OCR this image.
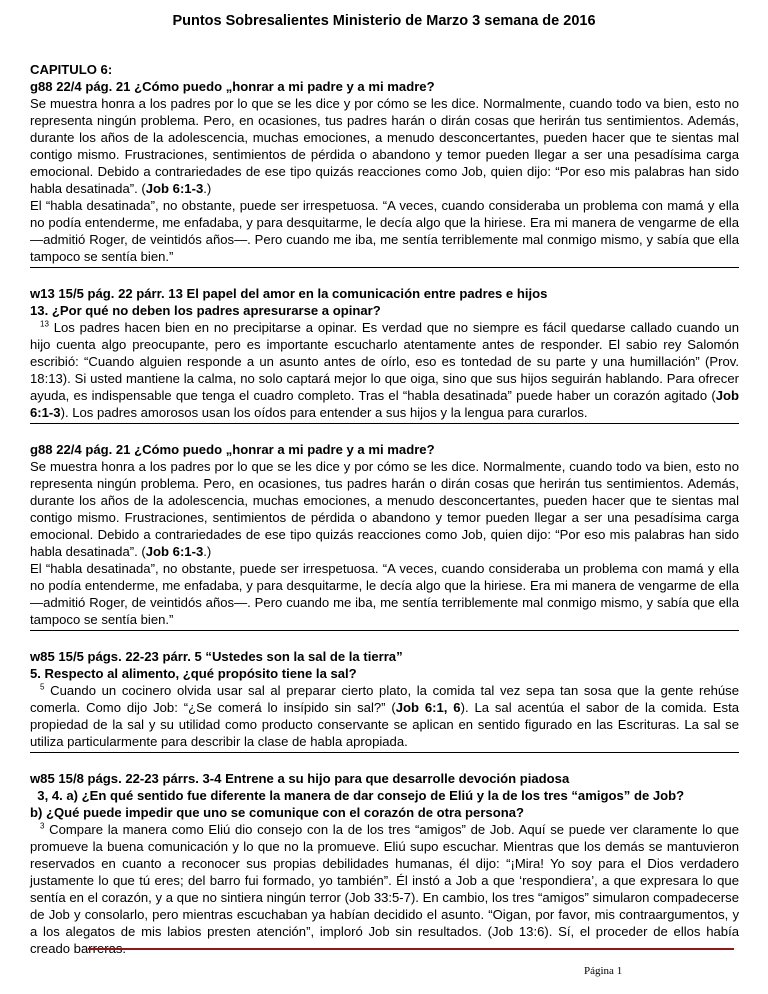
Puntos Sobresalientes Ministerio de Marzo 3 semana de 2016
CAPITULO 6:
g88 22/4 pág. 21 ¿Cómo puedo „honrar a mi padre y a mi madre?

Se muestra honra a los padres por lo que se les dice y por cómo se les dice. Normalmente, cuando todo va bien, esto no representa ningún problema. Pero, en ocasiones, tus padres harán o dirán cosas que herirán tus sentimientos. Además, durante los años de la adolescencia, muchas emociones, a menudo desconcertantes, pueden hacer que te sientas mal contigo mismo. Frustraciones, sentimientos de pérdida o abandono y temor pueden llegar a ser una pesadísima carga emocional. Debido a contrariedades de ese tipo quizás reacciones como Job, quien dijo: “Por eso mis palabras han sido habla desatinada”. (Job 6:1-3.)

El “habla desatinada”, no obstante, puede ser irrespetuosa. “A veces, cuando consideraba un problema con mamá y ella no podía entenderme, me enfadaba, y para desquitarme, le decía algo que la hiriese. Era mi manera de vengarme de ella —admitió Roger, de veintidós años—. Pero cuando me iba, me sentía terriblemente mal conmigo mismo, y sabía que ella tampoco se sentía bien.”

w13 15/5 pág. 22 párr. 13 El papel del amor en la comunicación entre padres e hijos
13. ¿Por qué no deben los padres apresurarse a opinar?

$^{13}$ Los padres hacen bien en no precipitarse a opinar. Es verdad que no siempre es fácil quedarse callado cuando un hijo cuenta algo preocupante, pero es importante escucharlo atentamente antes de responder. El sabio rey Salomón escribió: “Cuando alguien responde a un asunto antes de oírlo, eso es tontedad de su parte y una humillación” (Prov. 18:13). Si usted mantiene la calma, no solo captará mejor lo que oiga, sino que sus hijos seguirán hablando. Para ofrecer ayuda, es indispensable que tenga el cuadro completo. Tras el “habla desatinada” puede haber un corazón agitado (Job 6:1-3). Los padres amorosos usan los oídos para entender a sus hijos y la lengua para curarlos.

g88 22/4 pág. 21 ¿Cómo puedo „honrar a mi padre y a mi madre?

Se muestra honra a los padres por lo que se les dice y por cómo se les dice. Normalmente, cuando todo va bien, esto no representa ningún problema. Pero, en ocasiones, tus padres harán o dirán cosas que herirán tus sentimientos. Además, durante los años de la adolescencia, muchas emociones, a menudo desconcertantes, pueden hacer que te sientas mal contigo mismo. Frustraciones, sentimientos de pérdida o abandono y temor pueden llegar a ser una pesadísima carga emocional. Debido a contrariedades de ese tipo quizás reacciones como Job, quien dijo: “Por eso mis palabras han sido habla desatinada”. (Job 6:1-3.)

El “habla desatinada”, no obstante, puede ser irrespetuosa. “A veces, cuando consideraba un problema con mamá y ella no podía entenderme, me enfadaba, y para desquitarme, le decía algo que la hiriese. Era mi manera de vengarme de ella —admitió Roger, de veintidós años—. Pero cuando me iba, me sentía terriblemente mal conmigo mismo, y sabía que ella tampoco se sentía bien.”

w85 15/5 págs. 22-23 párr. 5 “Ustedes son la sal de la tierra”
5. Respecto al alimento, ¿qué propósito tiene la sal?

$^5$ Cuando un cocinero olvida usar sal al preparar cierto plato, la comida tal vez sepa tan sosa que la gente rehúse comerla. Como dijo Job: “¿Se comerá lo insípido sin sal?” (Job 6:1, 6). La sal acentúa el sabor de la comida. Esta propiedad de la sal y su utilidad como producto conservante se aplican en sentido figurado en las Escrituras. La sal se utiliza particularmente para describir la clase de habla apropiada.

w85 15/8 págs. 22-23 párrs. 3-4 Entrene a su hijo para que desarrolle devoción piadosa
3, 4. a) ¿En qué sentido fue diferente la manera de dar consejo de Eliú y la de los tres “amigos” de Job?
b) ¿Qué puede impedir que uno se comunique con el corazón de otra persona?

$^3$ Compare la manera como Eliú dio consejo con la de los tres “amigos” de Job. Aquí se puede ver claramente lo que promueve la buena comunicación y lo que no la promueve. Eliú supo escuchar. Mientras que los demás se mantuvieron reservados en cuanto a reconocer sus propias debilidades humanas, él dijo: “¡Mira! Yo soy para el Dios verdadero justamente lo que tú eres; del barro fui formado, yo también”. Él instó a Job a que ‘respondiera’, a que expresara lo que sentía en el corazón, y a que no sintiera ningún terror (Job 33:5-7). En cambio, los tres “amigos” simularon compadecerse de Job y consolarlo, pero mientras escuchaban ya habían decidido el asunto. “Oigan, por favor, mis contraargumentos, y a los alegatos de mis labios presten atención”, imploró Job sin resultados. (Job 13:6). Sí, el proceder de ellos había creado barreras.

Página 1
